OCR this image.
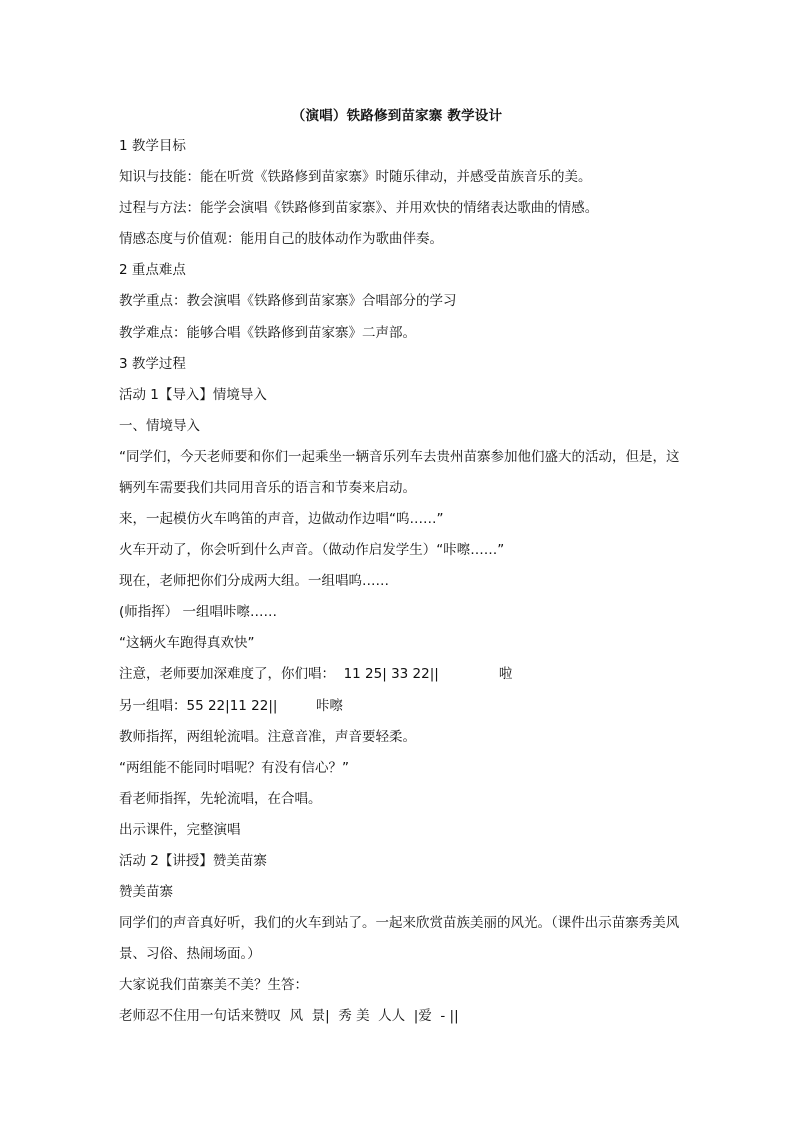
（演唱）铁路修到苗家寨 教学设计
1 教学目标
知识与技能：能在听赏《铁路修到苗家寨》时随乐律动，并感受苗族音乐的美。
过程与方法：能学会演唱《铁路修到苗家寨》、并用欢快的情绪表达歌曲的情感。
情感态度与价值观：能用自己的肢体动作为歌曲伴奏。
2 重点难点
教学重点：教会演唱《铁路修到苗家寨》合唱部分的学习
教学难点：能够合唱《铁路修到苗家寨》二声部。
3 教学过程
活动 1【导入】情境导入
一、情境导入
“同学们，今天老师要和你们一起乘坐一辆音乐列车去贵州苗寨参加他们盛大的活动，但是，这辆列车需要我们共同用音乐的语言和节奏来启动。
来，一起模仿火车鸣笛的声音，边做动作边唱“呜……”
火车开动了，你会听到什么声音。（做动作启发学生）“咔嚓……”
现在，老师把你们分成两大组。一组唱呜……
(师指挥） 一组唱咔嚓……
“这辆火车跑得真欢快”
注意，老师要加深难度了，你们唱：  11 25| 33 22||              啦
另一组唱：55 22|11 22||         咔嚓
教师指挥，两组轮流唱。注意音准，声音要轻柔。
“两组能不能同时唱呢？有没有信心？”
看老师指挥，先轮流唱，在合唱。
出示课件，完整演唱
活动 2【讲授】赞美苗寨
赞美苗寨
同学们的声音真好听，我们的火车到站了。一起来欣赏苗族美丽的风光。（课件出示苗寨秀美风景、习俗、热闹场面。）
大家说我们苗寨美不美？生答：
老师忍不住用一句话来赞叹  风  景|  秀 美  人人  |爱  - ||
